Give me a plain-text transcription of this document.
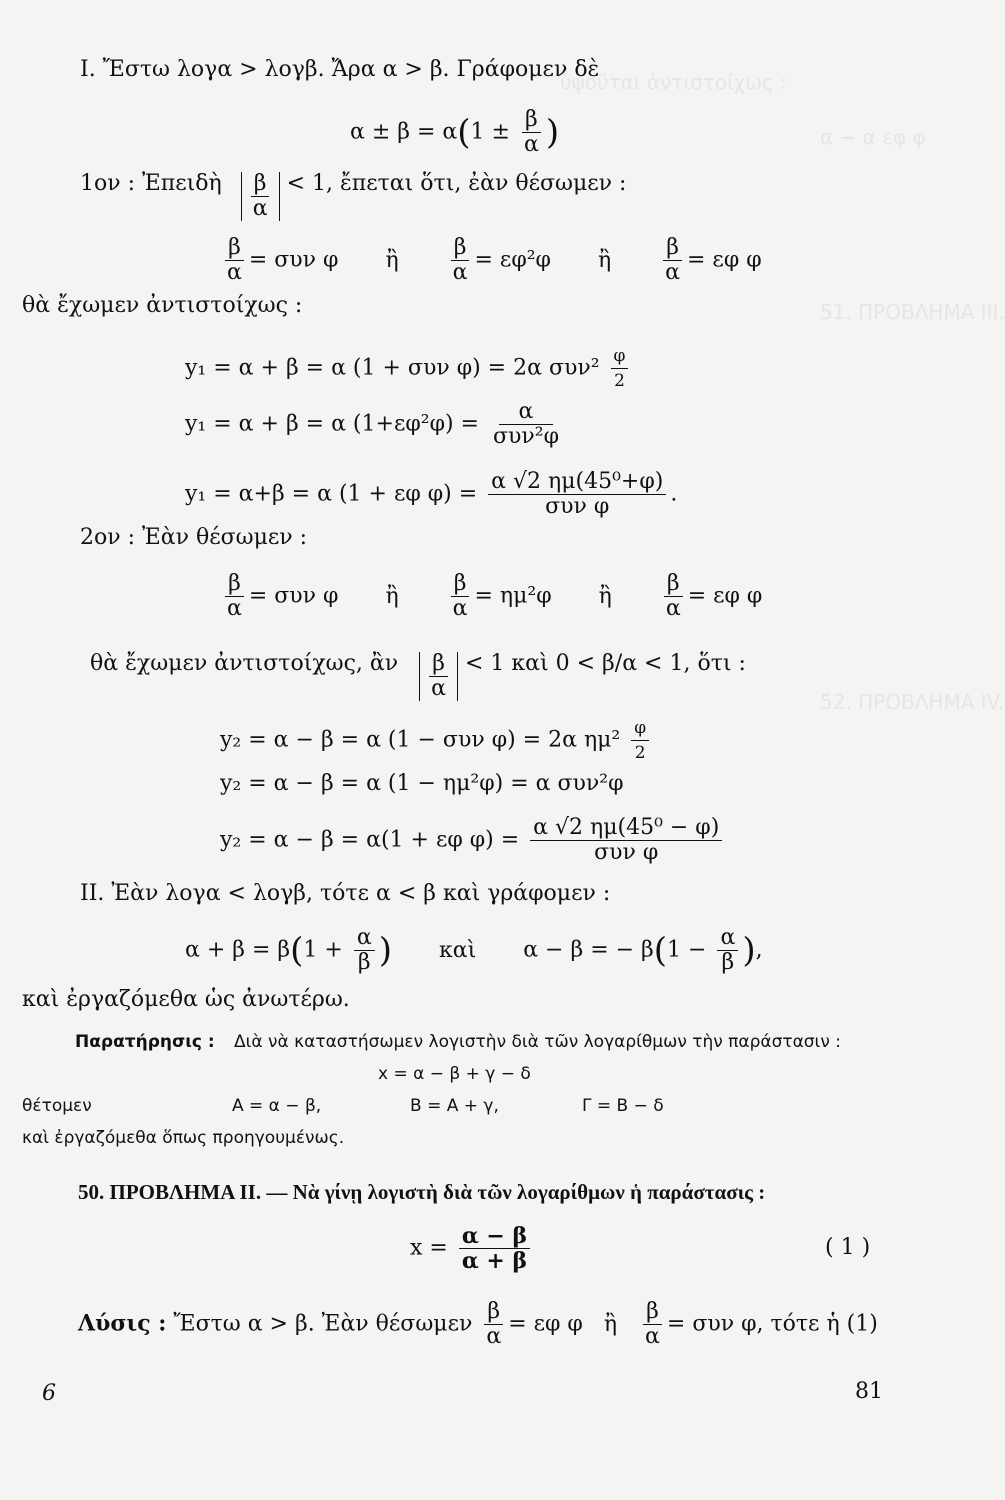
ὑψοῦται ἀντιστοίχως :
α − α εφ φ
51. ΠΡΟΒΛΗΜΑ III.
52. ΠΡΟΒΛΗΜΑ IV.
I. Ἔστω λογα > λογβ. Ἄρα α > β. Γράφομεν δὲ
$\alpha \pm \beta = \alpha(1 \pm \frac{\beta}{\alpha}$ )
1ον : Ἐπειδὴ $\frac{\beta}{\alpha} < 1$, ἔπεται ὅτι, ἐὰν θέσωμεν :
$\frac{\beta}{\alpha} = \sigma\upsilon\nu$ φ ἢ $\frac{\beta}{\alpha} = \varepsilon\varphi^2\varphi$ ἢ $\frac{\beta}{\alpha} = \varepsilon\varphi$ φ
θὰ ἔχωμεν ἀντιστοίχως :
y₁ = α + β = α (1 + συν φ) = 2α $\sigma\upsilon\nu^2 \frac{\varphi}{2}$
y₁ = α + β = α $(1+\varepsilon\varphi^2\varphi) = \frac{\alpha}{\text{συν²φ}}$
y₁ = α+β = α (1 + εφ $\varphi) = \frac{\text{α √2 ημ(45⁰+φ)}}{\text{συν φ}}$ .
2ον : Ἐὰν θέσωμεν :
$\frac{\beta}{\alpha} = \sigma\upsilon\nu$ φ ἢ $\frac{\beta}{\alpha} = \eta\mu^2\varphi$ ἢ $\frac{\beta}{\alpha} = \varepsilon\varphi$ φ
θὰ ἔχωμεν ἀντιστοίχως, ἂν $\frac{\beta}{\alpha} < 1$ καὶ 0 < β/α < 1, ὅτι :
y₂ = α − β = α (1 − συν φ) = 2α $\eta\mu^2 \frac{\varphi}{2}$
y₂ = α − β = α (1 − ημ²φ) = α συν²φ
y₂ = α − β = α(1 + εφ $\varphi) = \frac{\text{α √2 ημ(45⁰ − φ)}}{\text{συν φ}}$
II. Ἐὰν λογα < λογβ, τότε α < β καὶ γράφομεν :
$\alpha + \beta = \beta(1 + \frac{\alpha}{\beta}$ ) καὶ α − β = − $\beta(1 - \frac{\alpha}{\beta}$ ),
καὶ ἐργαζόμεθα ὡς ἀνωτέρω.
Παρατήρησις : Διὰ νὰ καταστήσωμεν λογιστὴν διὰ τῶν λογαρίθμων τὴν παράστασιν :
x = α − β + γ − δ
θέτομεν	Α = α − β,	Β = Α + γ,	Γ = Β − δ
καὶ ἐργαζόμεθα ὅπως προηγουμένως.
50. ΠΡΟΒΛΗΜΑ II. — Νὰ γίνῃ λογιστὴ διὰ τῶν λογαρίθμων ἡ παράστασις :
$x = \frac{\alpha - \beta}{\alpha + \beta}$	( 1 )
Λύσις : Ἔστω α > β. Ἐὰν θέσωμεν $\frac{\beta}{\alpha} = \varepsilon\varphi$ φ ἢ $\frac{\beta}{\alpha} = \sigma\upsilon\nu$ φ, τότε ἡ (1)
6	81
